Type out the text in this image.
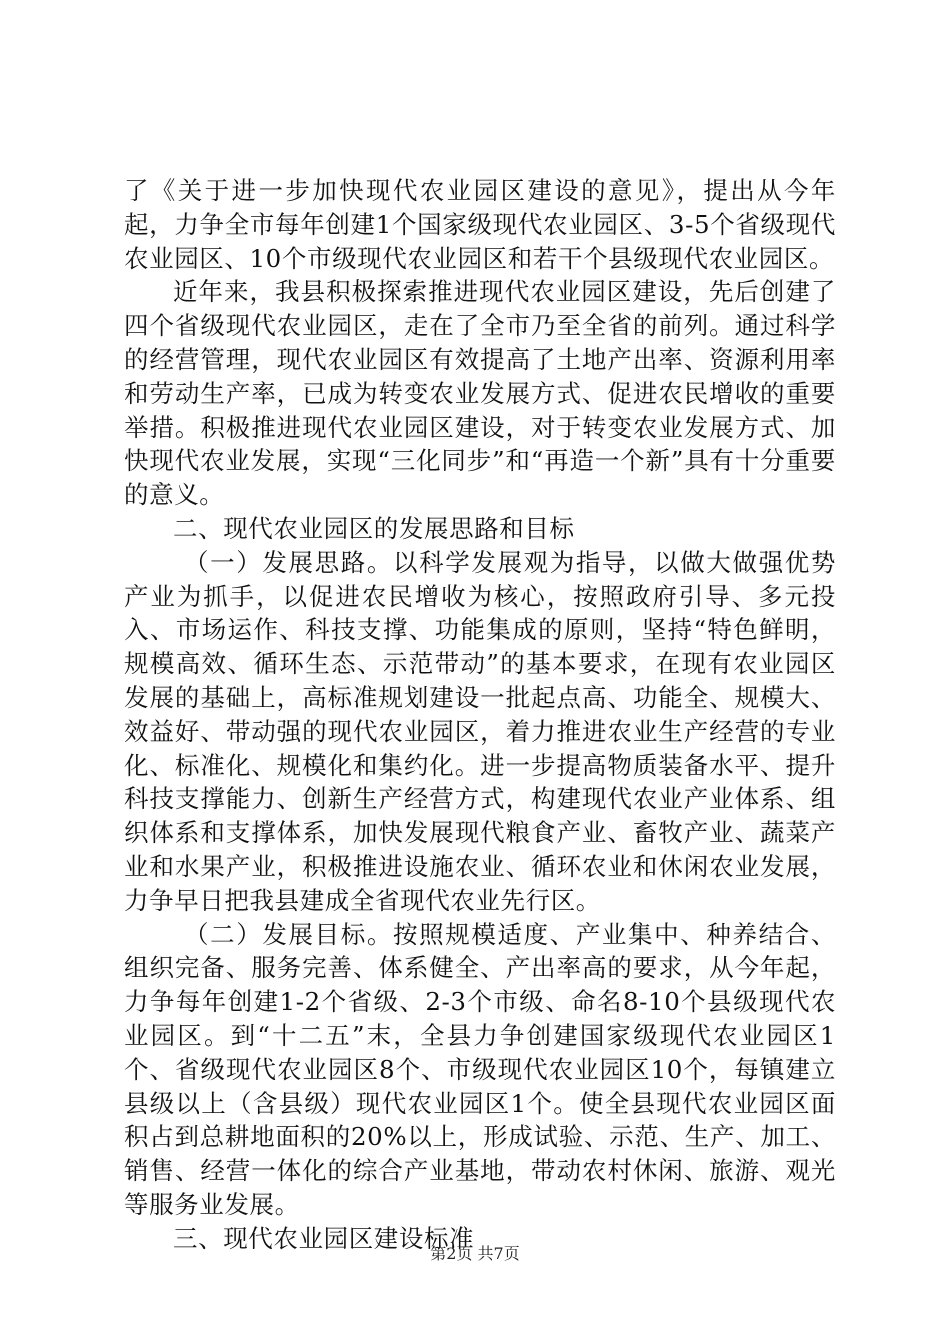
了《关于进一步加快现代农业园区建设的意见》，提出从今年起，力争全市每年创建1个国家级现代农业园区、3-5个省级现代农业园区、10个市级现代农业园区和若干个县级现代农业园区。

近年来，我县积极探索推进现代农业园区建设，先后创建了四个省级现代农业园区，走在了全市乃至全省的前列。通过科学的经营管理，现代农业园区有效提高了土地产出率、资源利用率和劳动生产率，已成为转变农业发展方式、促进农民增收的重要举措。积极推进现代农业园区建设，对于转变农业发展方式、加快现代农业发展，实现“三化同步”和“再造一个新”具有十分重要的意义。

二、现代农业园区的发展思路和目标

（一）发展思路。以科学发展观为指导，以做大做强优势产业为抓手，以促进农民增收为核心，按照政府引导、多元投入、市场运作、科技支撑、功能集成的原则，坚持“特色鲜明，规模高效、循环生态、示范带动”的基本要求，在现有农业园区发展的基础上，高标准规划建设一批起点高、功能全、规模大、效益好、带动强的现代农业园区，着力推进农业生产经营的专业化、标准化、规模化和集约化。进一步提高物质装备水平、提升科技支撑能力、创新生产经营方式，构建现代农业产业体系、组织体系和支撑体系，加快发展现代粮食产业、畜牧产业、蔬菜产业和水果产业，积极推进设施农业、循环农业和休闲农业发展，力争早日把我县建成全省现代农业先行区。

（二）发展目标。按照规模适度、产业集中、种养结合、组织完备、服务完善、体系健全、产出率高的要求，从今年起，力争每年创建1-2个省级、2-3个市级、命名8-10个县级现代农业园区。到“十二五”末，全县力争创建国家级现代农业园区1个、省级现代农业园区8个、市级现代农业园区10个，每镇建立县级以上（含县级）现代农业园区1个。使全县现代农业园区面积占到总耕地面积的20%以上，形成试验、示范、生产、加工、销售、经营一体化的综合产业基地，带动农村休闲、旅游、观光等服务业发展。

三、现代农业园区建设标准

第2页 共7页
